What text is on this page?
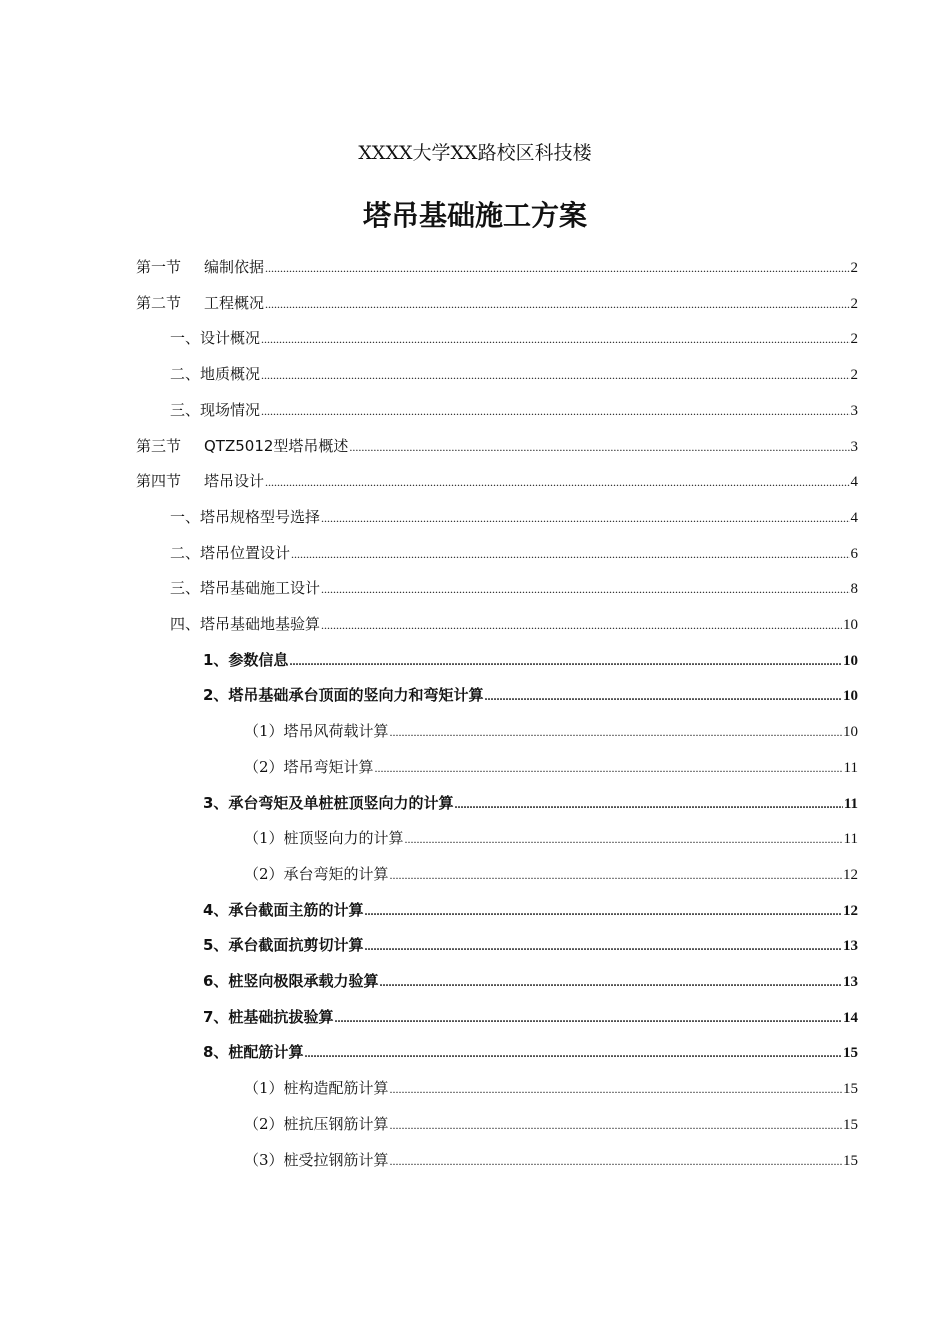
XXXX大学XX路校区科技楼
塔吊基础施工方案
第一节 编制依据 .....	2
第二节 工程概况 .....	2
一、设计概况 .....	2
二、地质概况 .....	2
三、现场情况 .....	3
第三节 QTZ5012型塔吊概述 .....	3
第四节 塔吊设计 .....	4
一、塔吊规格型号选择 .....	4
二、塔吊位置设计 .....	6
三、塔吊基础施工设计 .....	8
四、塔吊基础地基验算 .....	10
1、参数信息 .....	10
2、塔吊基础承台顶面的竖向力和弯矩计算 .....	10
（1）塔吊风荷载计算 .....	10
（2）塔吊弯矩计算 .....	11
3、承台弯矩及单桩桩顶竖向力的计算 .....	11
（1）桩顶竖向力的计算 .....	11
（2）承台弯矩的计算 .....	12
4、承台截面主筋的计算 .....	12
5、承台截面抗剪切计算 .....	13
6、桩竖向极限承载力验算 .....	13
7、桩基础抗拔验算 .....	14
8、桩配筋计算 .....	15
（1）桩构造配筋计算 .....	15
（2）桩抗压钢筋计算 .....	15
（3）桩受拉钢筋计算 .....	15
